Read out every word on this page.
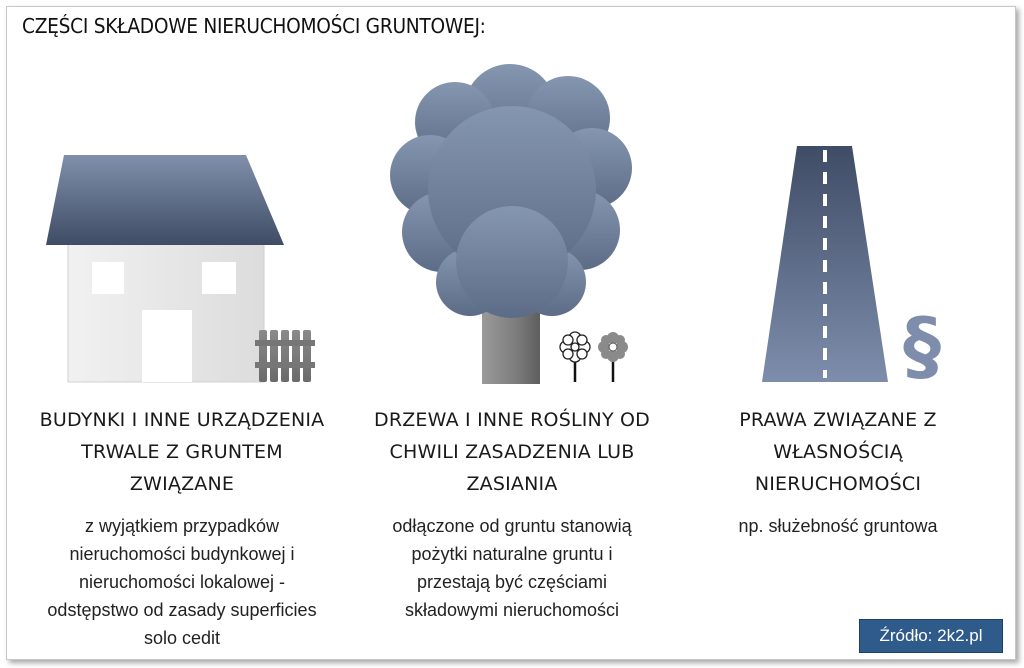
CZĘŚCI SKŁADOWE NIERUCHOMOŚCI GRUNTOWEJ:
§
BUDYNKI I INNE URZĄDZENIA
TRWALE Z GRUNTEM
ZWIĄZANE
z wyjątkiem przypadków
nieruchomości budynkowej i
nieruchomości lokalowej -
odstępstwo od zasady superficies
solo cedit
DRZEWA I INNE ROŚLINY OD
CHWILI ZASADZENIA LUB
ZASIANIA
odłączone od gruntu stanowią
pożytki naturalne gruntu i
przestają być częściami
składowymi nieruchomości
PRAWA ZWIĄZANE Z
WŁASNOŚCIĄ
NIERUCHOMOŚCI
np. służebność gruntowa
Źródło: 2k2.pl
